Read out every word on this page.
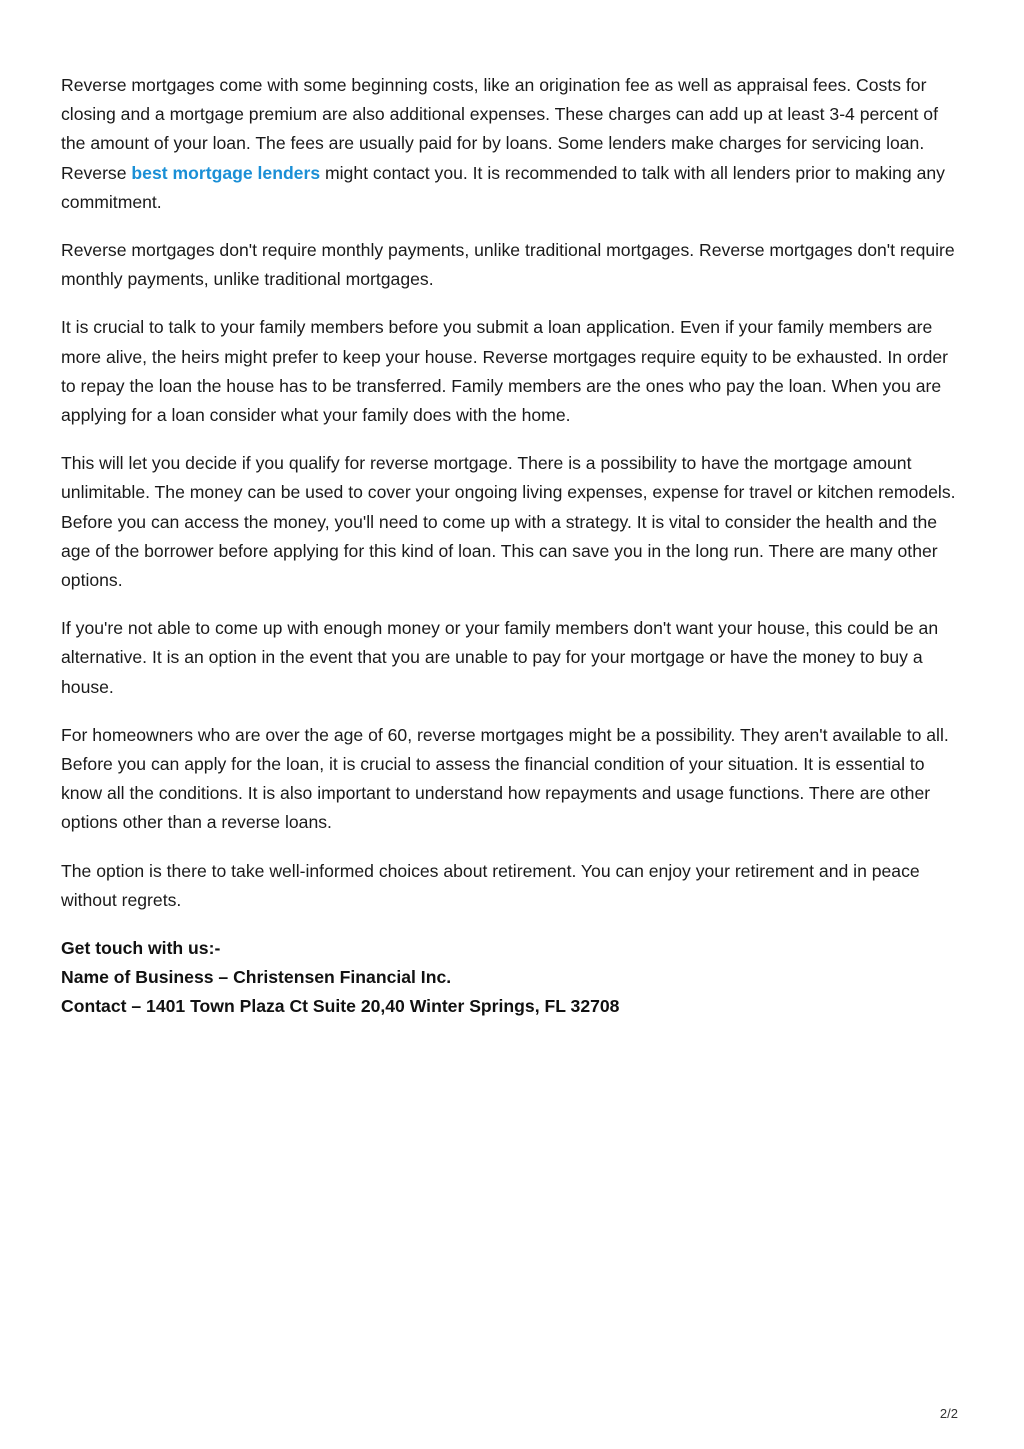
Reverse mortgages come with some beginning costs, like an origination fee as well as appraisal fees. Costs for closing and a mortgage premium are also additional expenses. These charges can add up at least 3-4 percent of the amount of your loan. The fees are usually paid for by loans. Some lenders make charges for servicing loan. Reverse best mortgage lenders might contact you. It is recommended to talk with all lenders prior to making any commitment.

Reverse mortgages don't require monthly payments, unlike traditional mortgages. Reverse mortgages don't require monthly payments, unlike traditional mortgages.

It is crucial to talk to your family members before you submit a loan application. Even if your family members are more alive, the heirs might prefer to keep your house. Reverse mortgages require equity to be exhausted. In order to repay the loan the house has to be transferred. Family members are the ones who pay the loan. When you are applying for a loan consider what your family does with the home.

This will let you decide if you qualify for reverse mortgage. There is a possibility to have the mortgage amount unlimitable. The money can be used to cover your ongoing living expenses, expense for travel or kitchen remodels. Before you can access the money, you'll need to come up with a strategy. It is vital to consider the health and the age of the borrower before applying for this kind of loan. This can save you in the long run. There are many other options.

If you're not able to come up with enough money or your family members don't want your house, this could be an alternative. It is an option in the event that you are unable to pay for your mortgage or have the money to buy a house.

For homeowners who are over the age of 60, reverse mortgages might be a possibility. They aren't available to all. Before you can apply for the loan, it is crucial to assess the financial condition of your situation. It is essential to know all the conditions. It is also important to understand how repayments and usage functions. There are other options other than a reverse loans.

The option is there to take well-informed choices about retirement. You can enjoy your retirement and in peace without regrets.

Get touch with us:-
Name of Business – Christensen Financial Inc.
Contact – 1401 Town Plaza Ct Suite 20,40 Winter Springs, FL 32708
2/2
